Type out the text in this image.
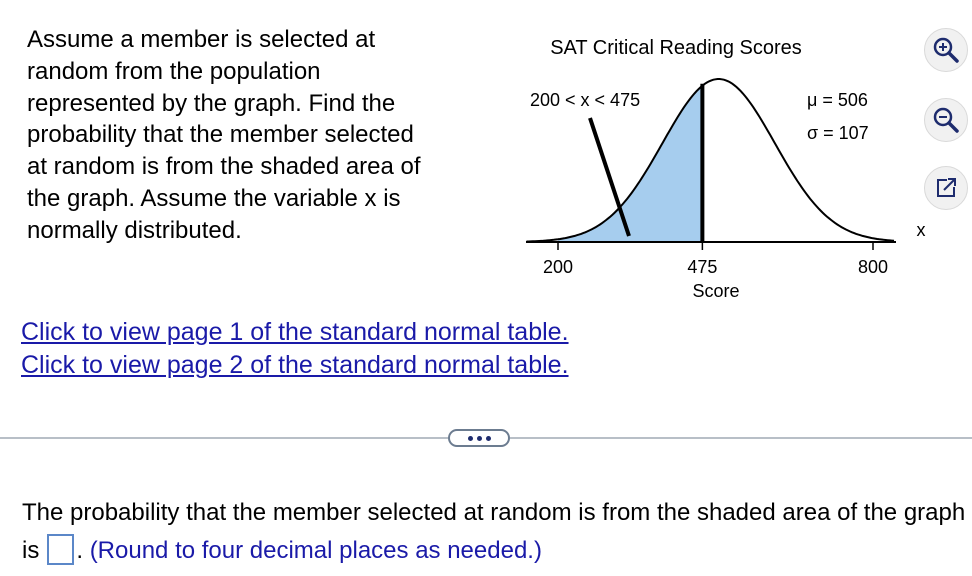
Assume a member is selected at random from the population represented by the graph. Find the probability that the member selected at random is from the shaded area of the graph. Assume the variable x is normally distributed.
SAT Critical Reading Scores
200	475	800
Score
x
200 < x < 475	μ = 506
σ = 107
Click to view page 1 of the standard normal table.
Click to view page 2 of the standard normal table.
The probability that the member selected at random is from the shaded area of the graph is . (Round to four decimal places as needed.)
